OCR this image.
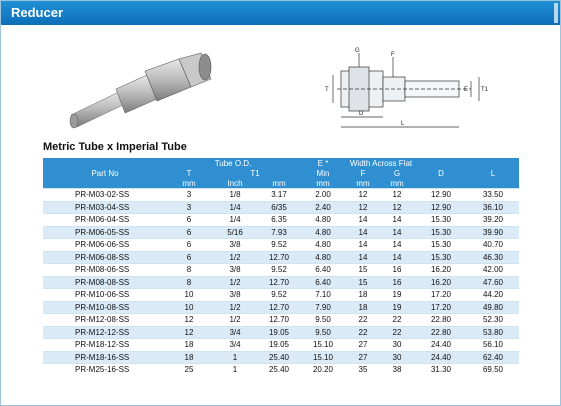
Reducer
G
F
T
D
E T1
L
Metric Tube x Imperial Tube
	Tube O.D.			E *	Width Across Flat			
Part No	T	T1		Min	F	G	D	L
	mm	Inch	mm	mm	mm	mm		
PR-M03-02-SS	3	1/8	3.17	2.00	12	12	12.90	33.50
PR-M03-04-SS	3	1/4	6/35	2.40	12	12	12.90	36.10
PR-M06-04-SS	6	1/4	6.35	4.80	14	14	15.30	39.20
PR-M06-05-SS	6	5/16	7.93	4.80	14	14	15.30	39.90
PR-M06-06-SS	6	3/8	9.52	4.80	14	14	15.30	40.70
PR-M06-08-SS	6	1/2	12.70	4.80	14	14	15.30	46.30
PR-M08-06-SS	8	3/8	9.52	6.40	15	16	16.20	42.00
PR-M08-08-SS	8	1/2	12.70	6.40	15	16	16.20	47.60
PR-M10-06-SS	10	3/8	9.52	7.10	18	19	17.20	44.20
PR-M10-08-SS	10	1/2	12.70	7.90	18	19	17.20	49.80
PR-M12-08-SS	12	1/2	12.70	9.50	22	22	22.80	52.30
PR-M12-12-SS	12	3/4	19.05	9.50	22	22	22.80	53.80
PR-M18-12-SS	18	3/4	19.05	15.10	27	30	24.40	56.10
PR-M18-16-SS	18	1	25.40	15.10	27	30	24.40	62.40
PR-M25-16-SS	25	1	25.40	20.20	35	38	31.30	69.50
